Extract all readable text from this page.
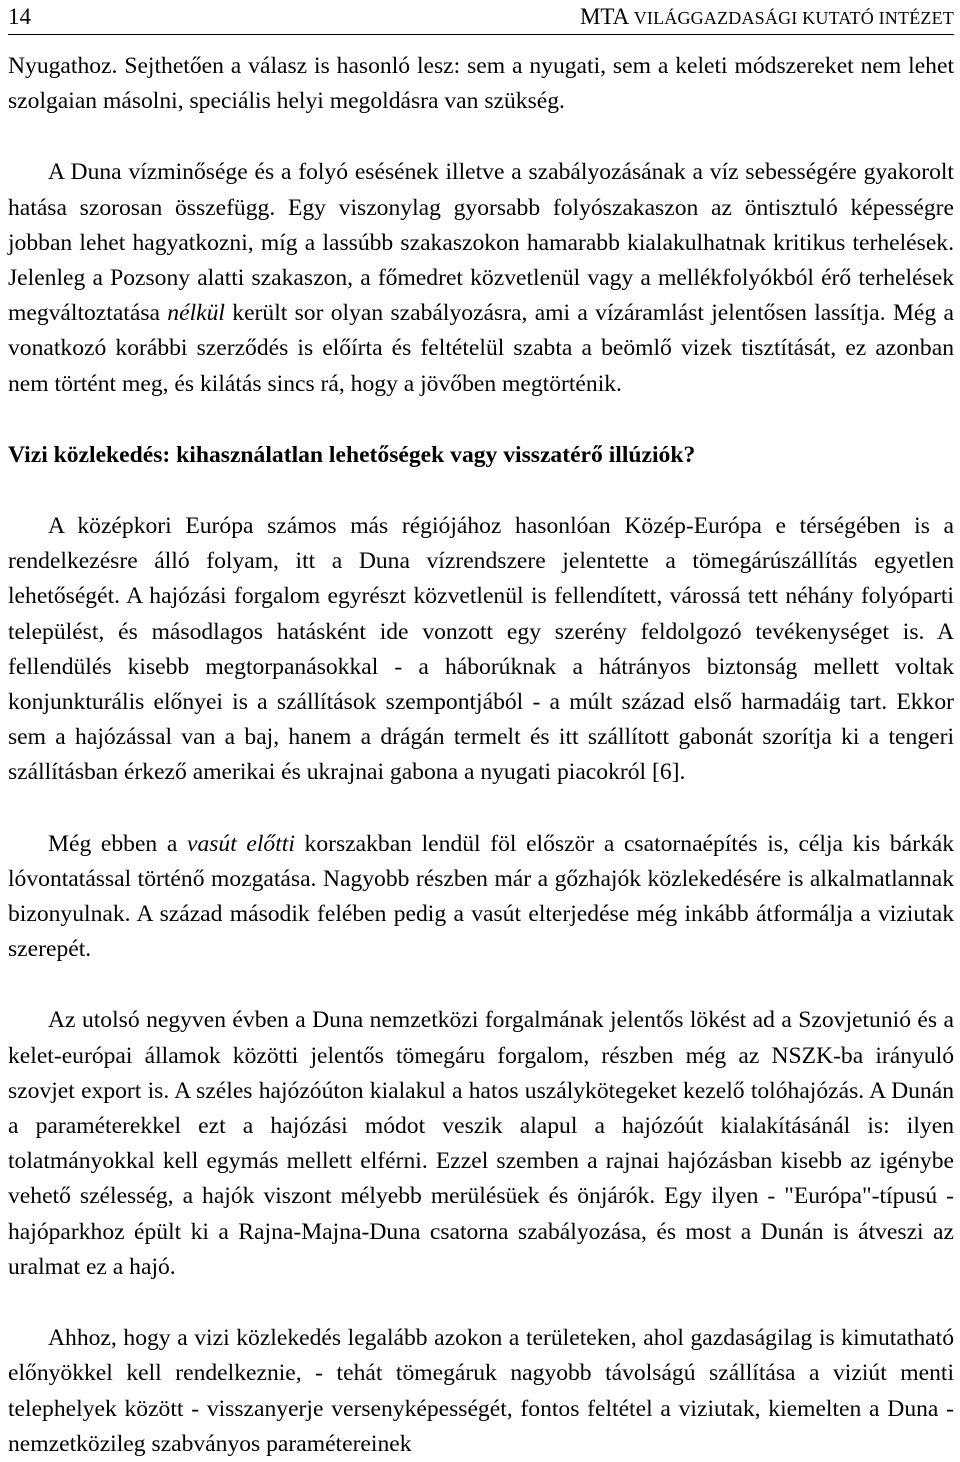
14	MTA VILÁGGAZDASÁGI KUTATÓ INTÉZET

Nyugathoz. Sejthetően a válasz is hasonló lesz: sem a nyugati, sem a keleti módszereket nem lehet szolgaian másolni, speciális helyi megoldásra van szükség.

A Duna vízminősége és a folyó esésének illetve a szabályozásának a víz sebességére gyakorolt hatása szorosan összefügg. Egy viszonylag gyorsabb folyószakaszon az öntisztuló képességre jobban lehet hagyatkozni, míg a lassúbb szakaszokon hamarabb kialakulhatnak kritikus terhelések. Jelenleg a Pozsony alatti szakaszon, a főmedret közvetlenül vagy a mellékfolyókból érő terhelések megváltoztatása nélkül került sor olyan szabályozásra, ami a vízáramlást jelentősen lassítja. Még a vonatkozó korábbi szerződés is előírta és feltételül szabta a beömlő vizek tisztítását, ez azonban nem történt meg, és kilátás sincs rá, hogy a jövőben megtörténik.

Vizi közlekedés: kihasználatlan lehetőségek vagy visszatérő illúziók?

A középkori Európa számos más régiójához hasonlóan Közép-Európa e térségében is a rendelkezésre álló folyam, itt a Duna vízrendszere jelentette a tömegárúszállítás egyetlen lehetőségét. A hajózási forgalom egyrészt közvetlenül is fellendített, várossá tett néhány folyóparti települést, és másodlagos hatásként ide vonzott egy szerény feldolgozó tevékenységet is. A fellendülés kisebb megtorpanásokkal - a háborúknak a hátrányos biztonság mellett voltak konjunkturális előnyei is a szállítások szempontjából - a múlt század első harmadáig tart. Ekkor sem a hajózással van a baj, hanem a drágán termelt és itt szállított gabonát szorítja ki a tengeri szállításban érkező amerikai és ukrajnai gabona a nyugati piacokról [6].

Még ebben a vasút előtti korszakban lendül föl először a csatornaépítés is, célja kis bárkák lóvontatással történő mozgatása. Nagyobb részben már a gőzhajók közlekedésére is alkalmatlannak bizonyulnak. A század második felében pedig a vasút elterjedése még inkább átformálja a viziutak szerepét.

Az utolsó negyven évben a Duna nemzetközi forgalmának jelentős lökést ad a Szovjetunió és a kelet-európai államok közötti jelentős tömegáru forgalom, részben még az NSZK-ba irányuló szovjet export is. A széles hajózóúton kialakul a hatos uszálykötegeket kezelő tolóhajózás. A Dunán a paraméterekkel ezt a hajózási módot veszik alapul a hajózóút kialakításánál is: ilyen tolatmányokkal kell egymás mellett elférni. Ezzel szemben a rajnai hajózásban kisebb az igénybe vehető szélesség, a hajók viszont mélyebb merülésüek és önjárók. Egy ilyen - "Európa"-típusú - hajóparkhoz épült ki a Rajna-Majna-Duna csatorna szabályozása, és most a Dunán is átveszi az uralmat ez a hajó.

Ahhoz, hogy a vizi közlekedés legalább azokon a területeken, ahol gazdaságilag is kimutatható előnyökkel kell rendelkeznie, - tehát tömegáruk nagyobb távolságú szállítása a viziút menti telephelyek között - visszanyerje versenyképességét, fontos feltétel a viziutak, kiemelten a Duna - nemzetközileg szabványos paramétereinek
